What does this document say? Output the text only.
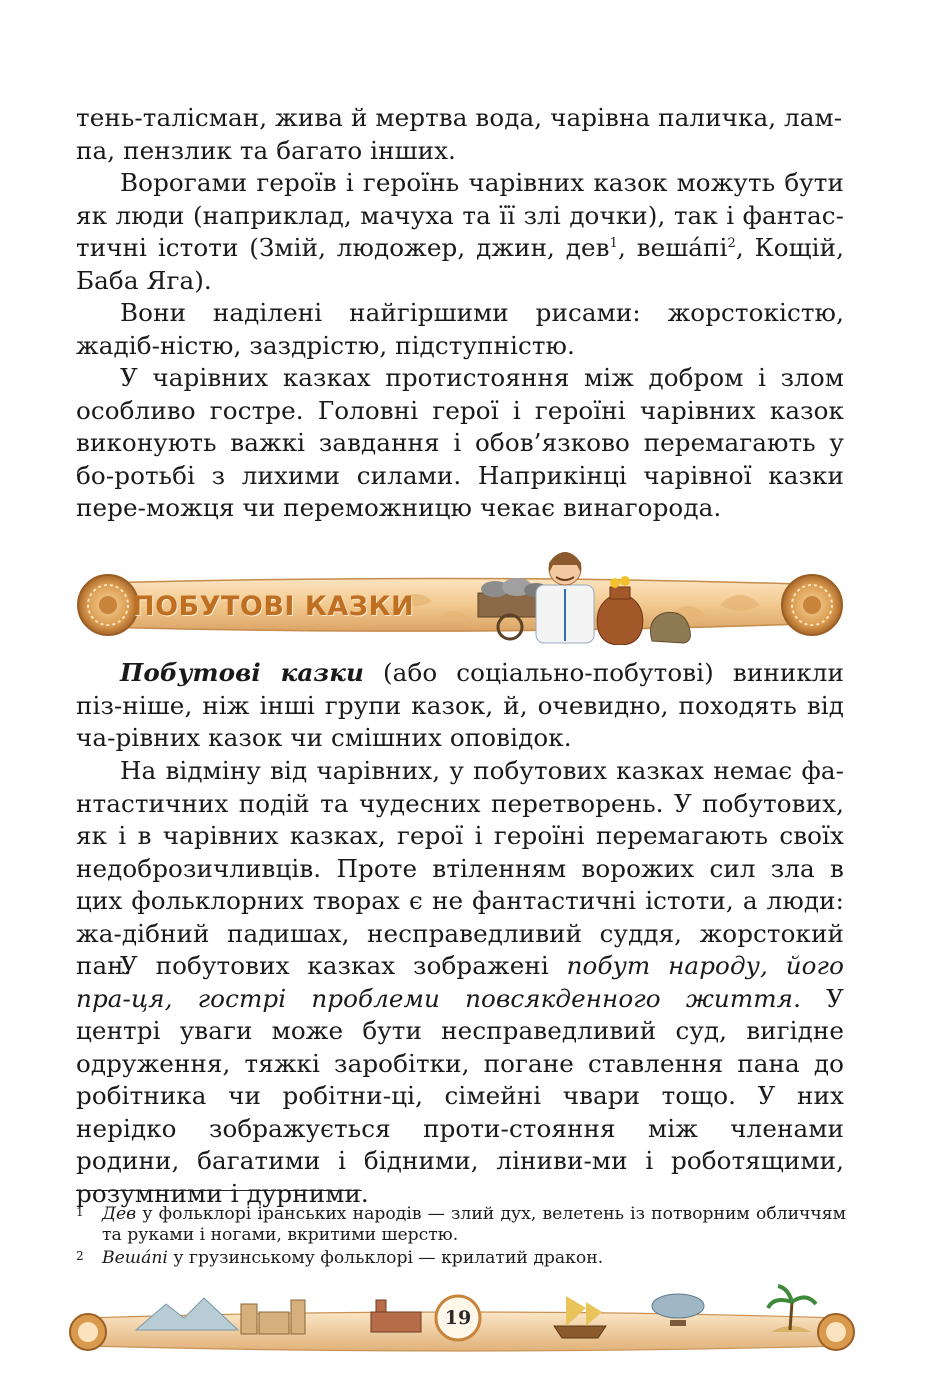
тень-талісман, жива й мертва вода, чарівна паличка, лам-

па, пензлик та багато інших.

Ворогами героїв і героїнь чарівних казок можуть бути як люди (наприклад, мачуха та її злі дочки), так і фантас-тичні істоти (Змій, людожер, джин, дев$^1$, вешапі$^2$, Кощій, Баба Яга).

Вони наділені найгіршими рисами: жорстокістю, жадіб-ністю, заздрістю, підступністю.

У чарівних казках протистояння між добром і злом особливо гостре. Головні герої і героїні чарівних казок виконують важкі завдання і обов’язково перемагають у бо-ротьбі з лихими силами. Наприкінці чарівної казки пере-можця чи переможницю чекає винагорода.

ПОБУТОВІ КАЗКИ

Побутові казки (або соціально-побутові) виникли піз-ніше, ніж інші групи казок, й, очевидно, походять від ча-рівних казок чи смішних оповідок.

На відміну від чарівних, у побутових казках немає фа-нтастичних подій та чудесних перетворень. У побутових, як і в чарівних казках, герої і героїні перемагають своїх недоброзичливців. Проте втіленням ворожих сил зла в цих фольклорних творах є не фантастичні істоти, а люди: жа-дібний падишах, несправедливий суддя, жорстокий пан.

У побутових казках зображені побут народу, його пра-ця, гострі проблеми повсякденного життя. У центрі уваги може бути несправедливий суд, вигідне одруження, тяжкі заробітки, погане ставлення пана до робітника чи робітни-ці, сімейні чвари тощо. У них нерідко зображується проти-стояння між членами родини, багатими і бідними, ліниви-ми і роботящими, розумними і дурними.

1 Дев у фольклорі іранських народів — злий дух, велетень із потворним обличчям та руками і ногами, вкритими шерстю.
2 Веша́пі у грузинському фольклорі — крилатий дракон.
19
